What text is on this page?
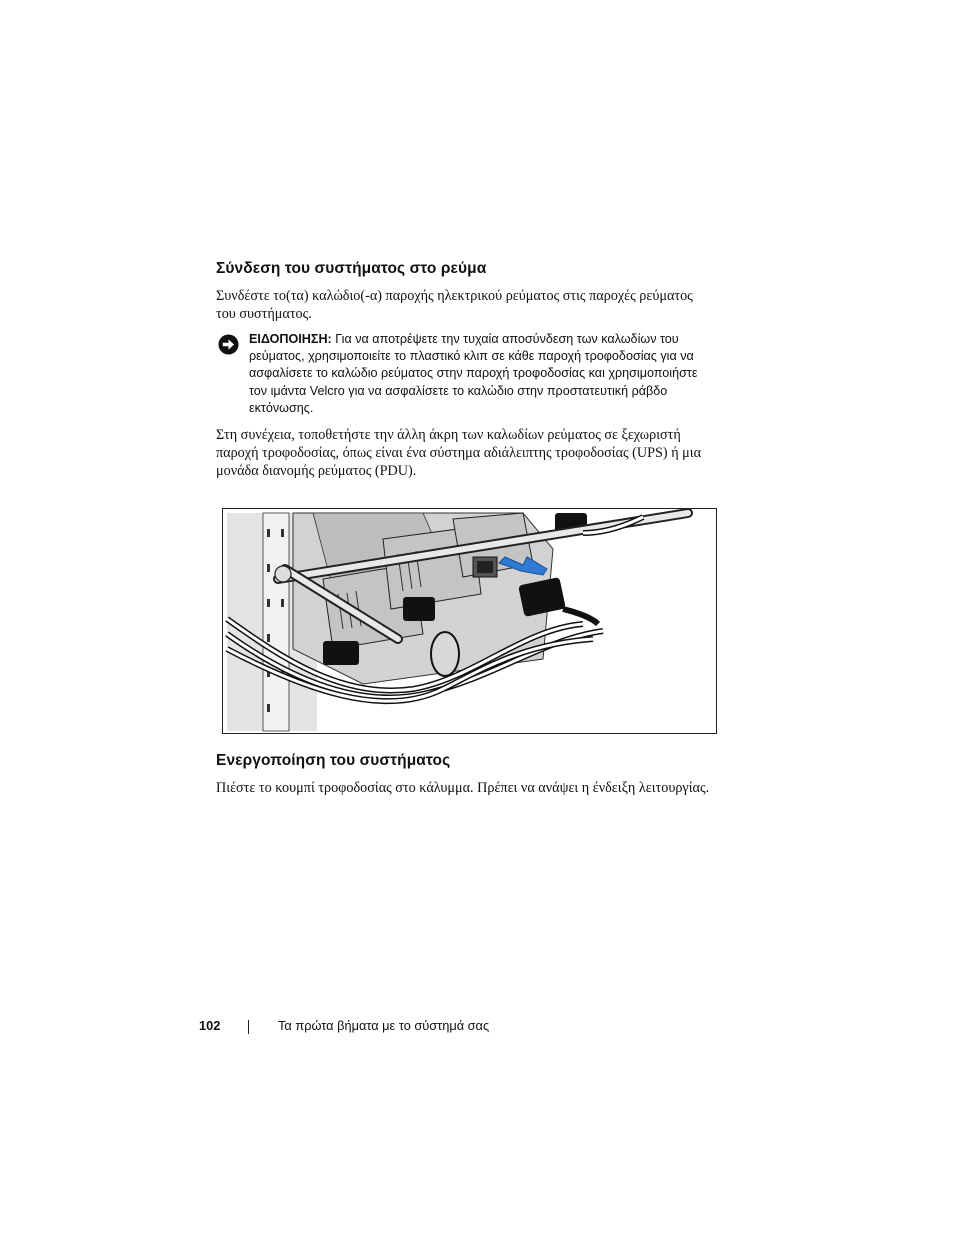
Σύνδεση του συστήματος στο ρεύμα

Συνδέστε το(τα) καλώδιο(-α) παροχής ηλεκτρικού ρεύματος στις παροχές ρεύματος του συστήματος.

ΕΙΔΟΠΟΙΗΣΗ: Για να αποτρέψετε την τυχαία αποσύνδεση των καλωδίων του ρεύματος, χρησιμοποιείτε το πλαστικό κλιπ σε κάθε παροχή τροφοδοσίας για να ασφαλίσετε το καλώδιο ρεύματος στην παροχή τροφοδοσίας και χρησιμοποιήστε τον ιμάντα Velcro για να ασφαλίσετε το καλώδιο στην προστατευτική ράβδο εκτόνωσης.

Στη συνέχεια, τοποθετήστε την άλλη άκρη των καλωδίων ρεύματος σε ξεχωριστή παροχή τροφοδοσίας, όπως είναι ένα σύστημα αδιάλειπτης τροφοδοσίας (UPS) ή μια μονάδα διανομής ρεύματος (PDU).

Ενεργοποίηση του συστήματος

Πιέστε το κουμπί τροφοδοσίας στο κάλυμμα. Πρέπει να ανάψει η ένδειξη λειτουργίας.

102	Τα πρώτα βήματα με το σύστημά σας
